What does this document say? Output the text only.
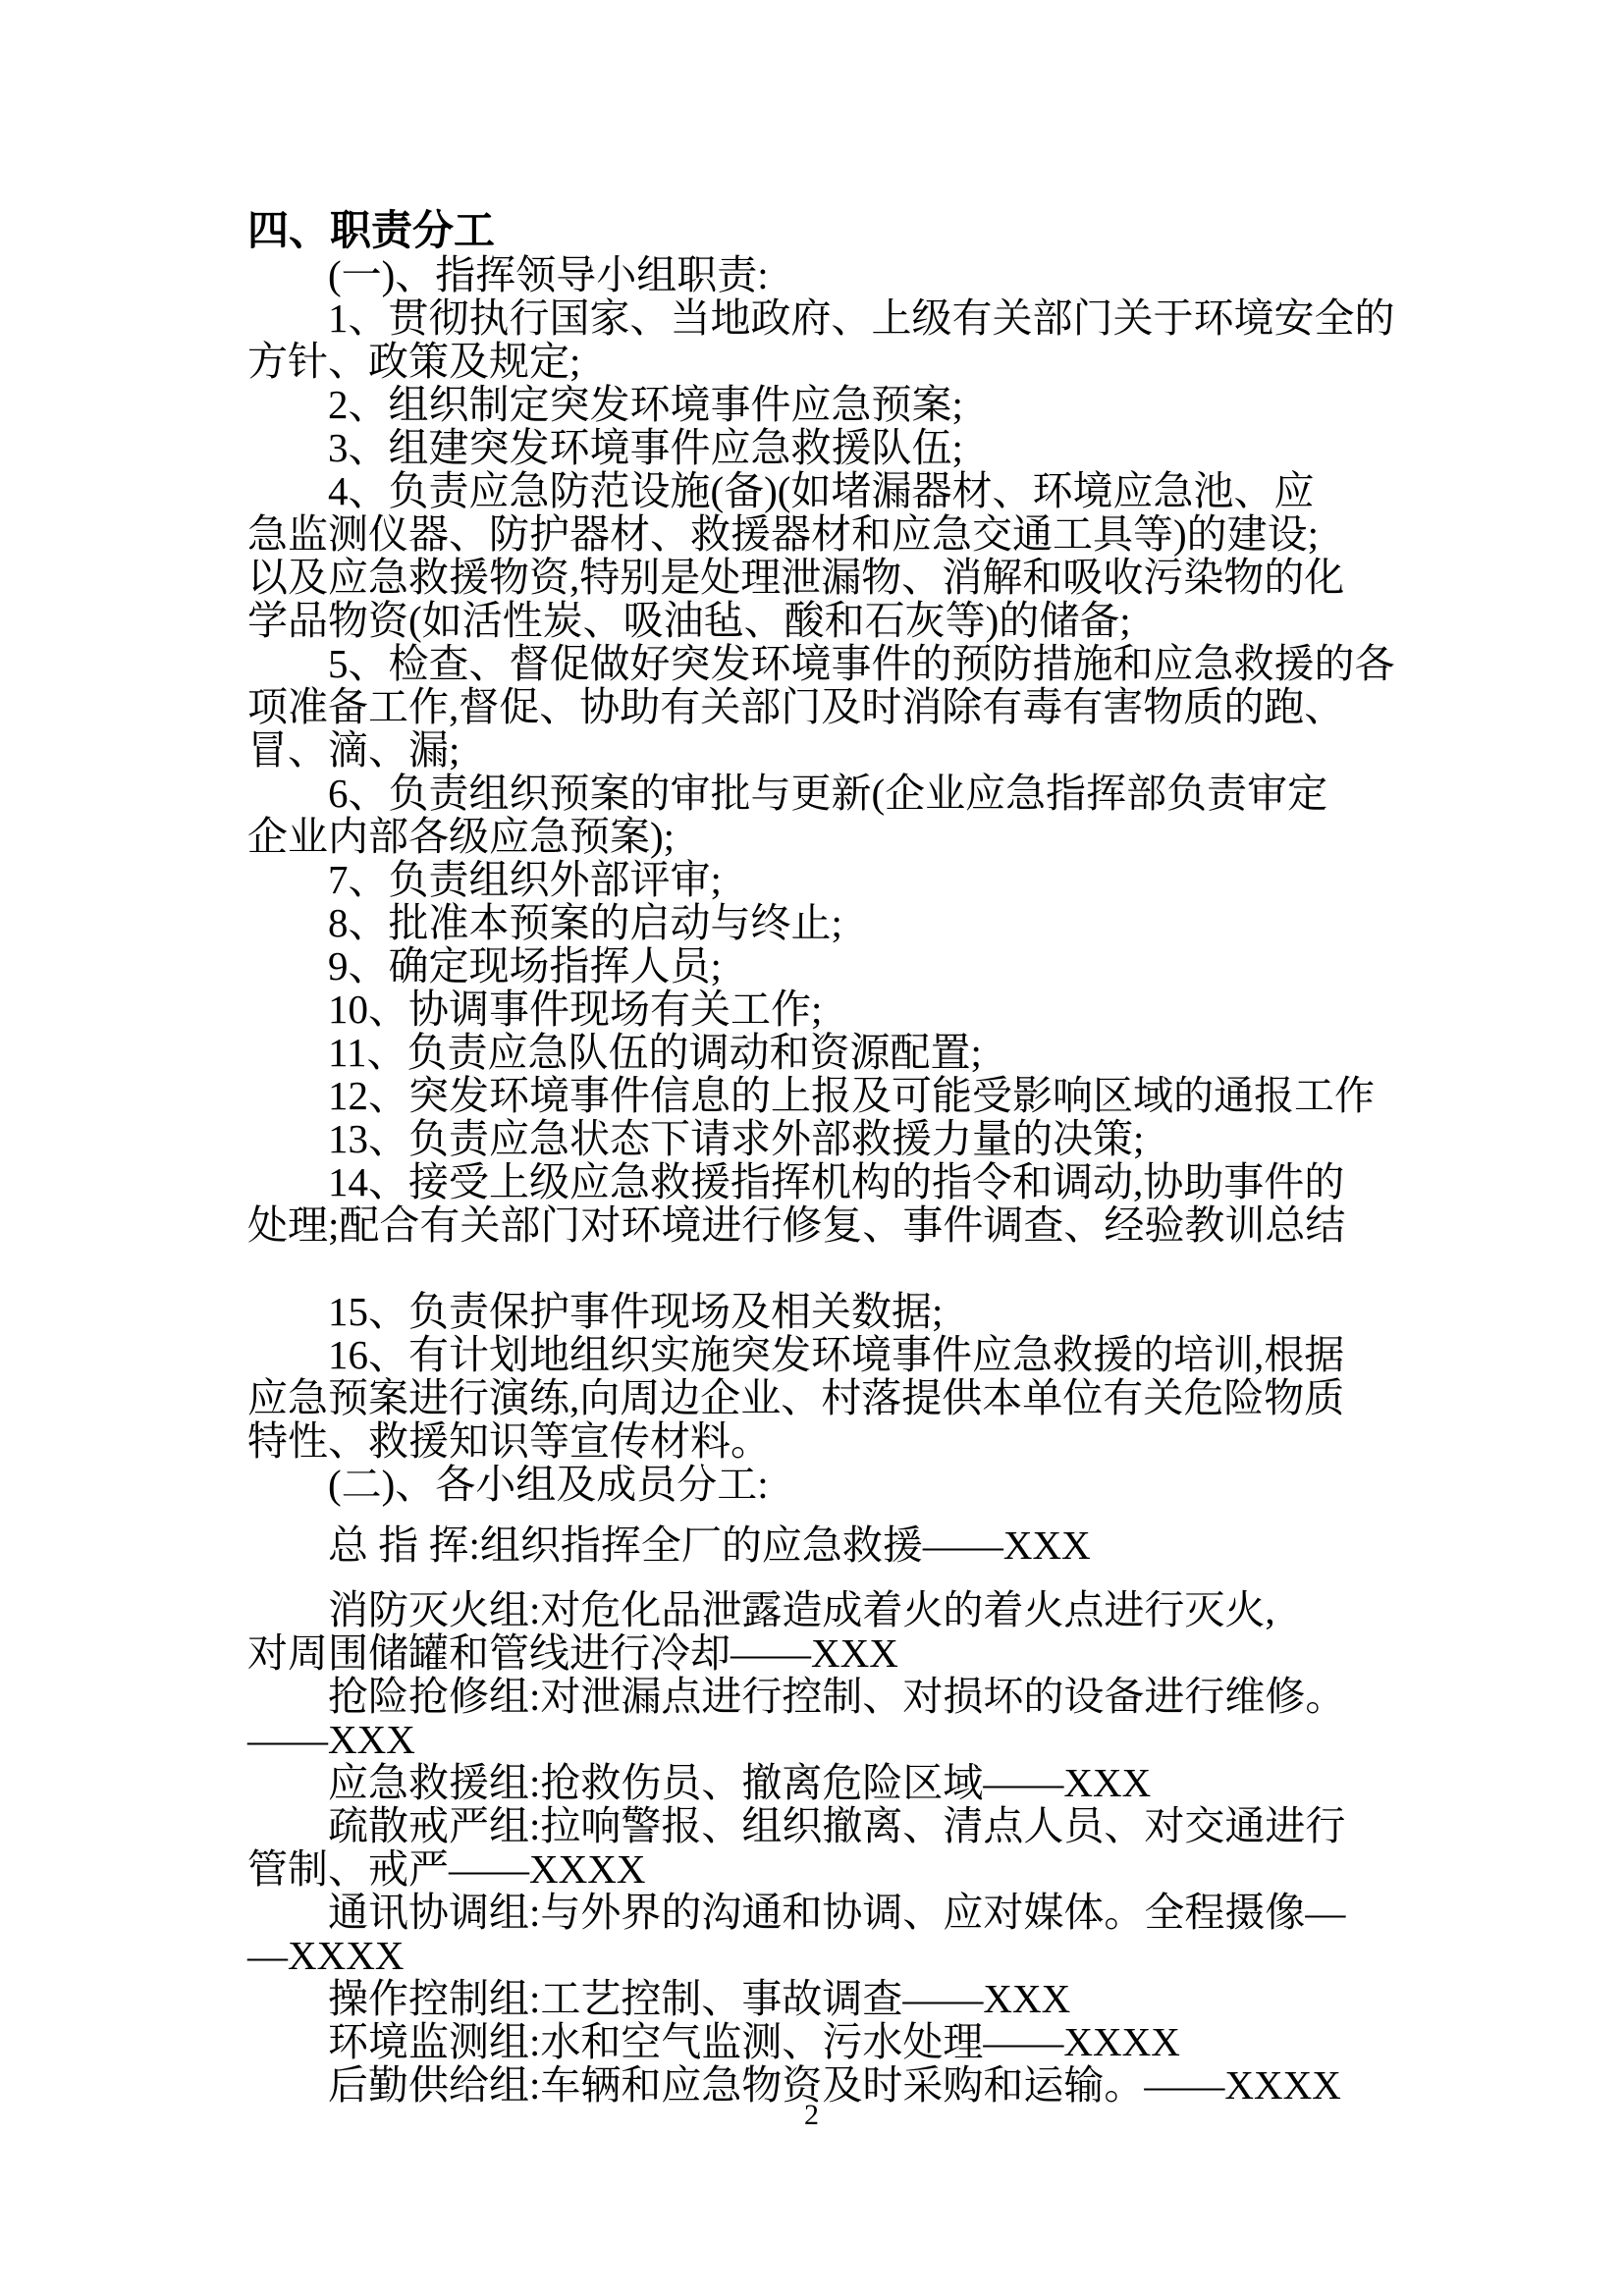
四、职责分工
(一)、指挥领导小组职责:
1、贯彻执行国家、当地政府、上级有关部门关于环境安全的
方针、政策及规定;
2、组织制定突发环境事件应急预案;
3、组建突发环境事件应急救援队伍;
4、负责应急防范设施(备)(如堵漏器材、环境应急池、应
急监测仪器、防护器材、救援器材和应急交通工具等)的建设;
以及应急救援物资,特别是处理泄漏物、消解和吸收污染物的化
学品物资(如活性炭、吸油毡、酸和石灰等)的储备;
5、检查、督促做好突发环境事件的预防措施和应急救援的各
项准备工作,督促、协助有关部门及时消除有毒有害物质的跑、
冒、滴、漏;
6、负责组织预案的审批与更新(企业应急指挥部负责审定
企业内部各级应急预案);
7、负责组织外部评审;
8、批准本预案的启动与终止;
9、确定现场指挥人员;
10、协调事件现场有关工作;
11、负责应急队伍的调动和资源配置;
12、突发环境事件信息的上报及可能受影响区域的通报工作
13、负责应急状态下请求外部救援力量的决策;
14、接受上级应急救援指挥机构的指令和调动,协助事件的
处理;配合有关部门对环境进行修复、事件调查、经验教训总结
15、负责保护事件现场及相关数据;
16、有计划地组织实施突发环境事件应急救援的培训,根据
应急预案进行演练,向周边企业、村落提供本单位有关危险物质
特性、救援知识等宣传材料。
(二)、各小组及成员分工:
总 指 挥:组织指挥全厂的应急救援——XXX
消防灭火组:对危化品泄露造成着火的着火点进行灭火,
对周围储罐和管线进行冷却——XXX
抢险抢修组:对泄漏点进行控制、对损坏的设备进行维修。
——XXX
应急救援组:抢救伤员、撤离危险区域——XXX
疏散戒严组:拉响警报、组织撤离、清点人员、对交通进行
管制、戒严——XXXX
通讯协调组:与外界的沟通和协调、应对媒体。全程摄像—
—XXXX
操作控制组:工艺控制、事故调查——XXX
环境监测组:水和空气监测、污水处理——XXXX
后勤供给组:车辆和应急物资及时采购和运输。——XXXX
2
